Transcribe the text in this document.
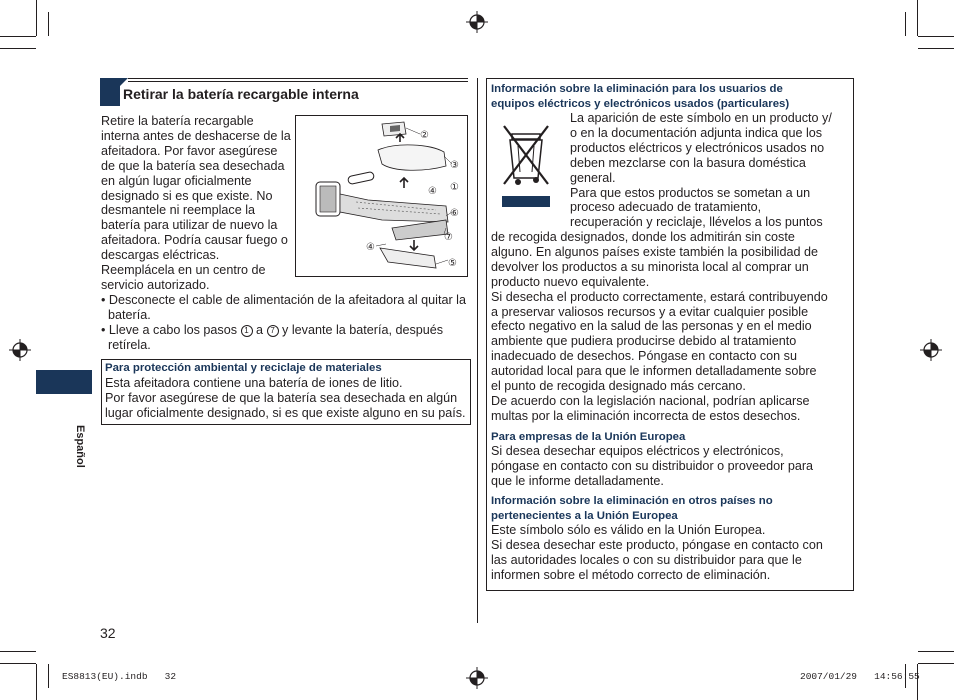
Español
Retirar la batería recargable interna
Retire la batería recargable
interna antes de deshacerse de la
afeitadora. Por favor asegúrese
de que la batería sea desechada
en algún lugar oficialmente
designado si es que existe. No
desmantele ni reemplace la
batería para utilizar de nuevo la
afeitadora. Podría causar fuego o
descargas eléctricas.
Reemplácela en un centro de
servicio autorizado.
②
③
①
④
⑥
⑦
④
⑤

• Desconecte el cable de alimentación de la afeitadora al quitar la

batería.

• Lleve a cabo los pasos 1 a 7 y levante la batería, después

retírela.

Para protección ambiental y reciclaje de materiales
Esta afeitadora contiene una batería de iones de litio.
Por favor asegúrese de que la batería sea desechada en algún
lugar oficialmente designado, si es que existe alguno en su país.
Información sobre la eliminación para los usuarios de
equipos eléctricos y electrónicos usados (particulares)
La aparición de este símbolo en un producto y/
o en la documentación adjunta indica que los
productos eléctricos y electrónicos usados no
deben mezclarse con la basura doméstica
general.
Para que estos productos se sometan a un
proceso adecuado de tratamiento,
recuperación y reciclaje, llévelos a los puntos
de recogida designados, donde los admitirán sin coste
alguno. En algunos países existe también la posibilidad de
devolver los productos a su minorista local al comprar un
producto nuevo equivalente.
Si desecha el producto correctamente, estará contribuyendo
a preservar valiosos recursos y a evitar cualquier posible
efecto negativo en la salud de las personas y en el medio
ambiente que pudiera producirse debido al tratamiento
inadecuado de desechos. Póngase en contacto con su
autoridad local para que le informen detalladamente sobre
el punto de recogida designado más cercano.
De acuerdo con la legislación nacional, podrían aplicarse
multas por la eliminación incorrecta de estos desechos.
Para empresas de la Unión Europea
Si desea desechar equipos eléctricos y electrónicos,
póngase en contacto con su distribuidor o proveedor para
que le informe detalladamente.
Información sobre la eliminación en otros países no
pertenecientes a la Unión Europea
Este símbolo sólo es válido en la Unión Europea.
Si desea desechar este producto, póngase en contacto con
las autoridades locales o con su distribuidor para que le
informen sobre el método correcto de eliminación.
32
ES8813(EU).indb   32	2007/01/29   14:56:55
